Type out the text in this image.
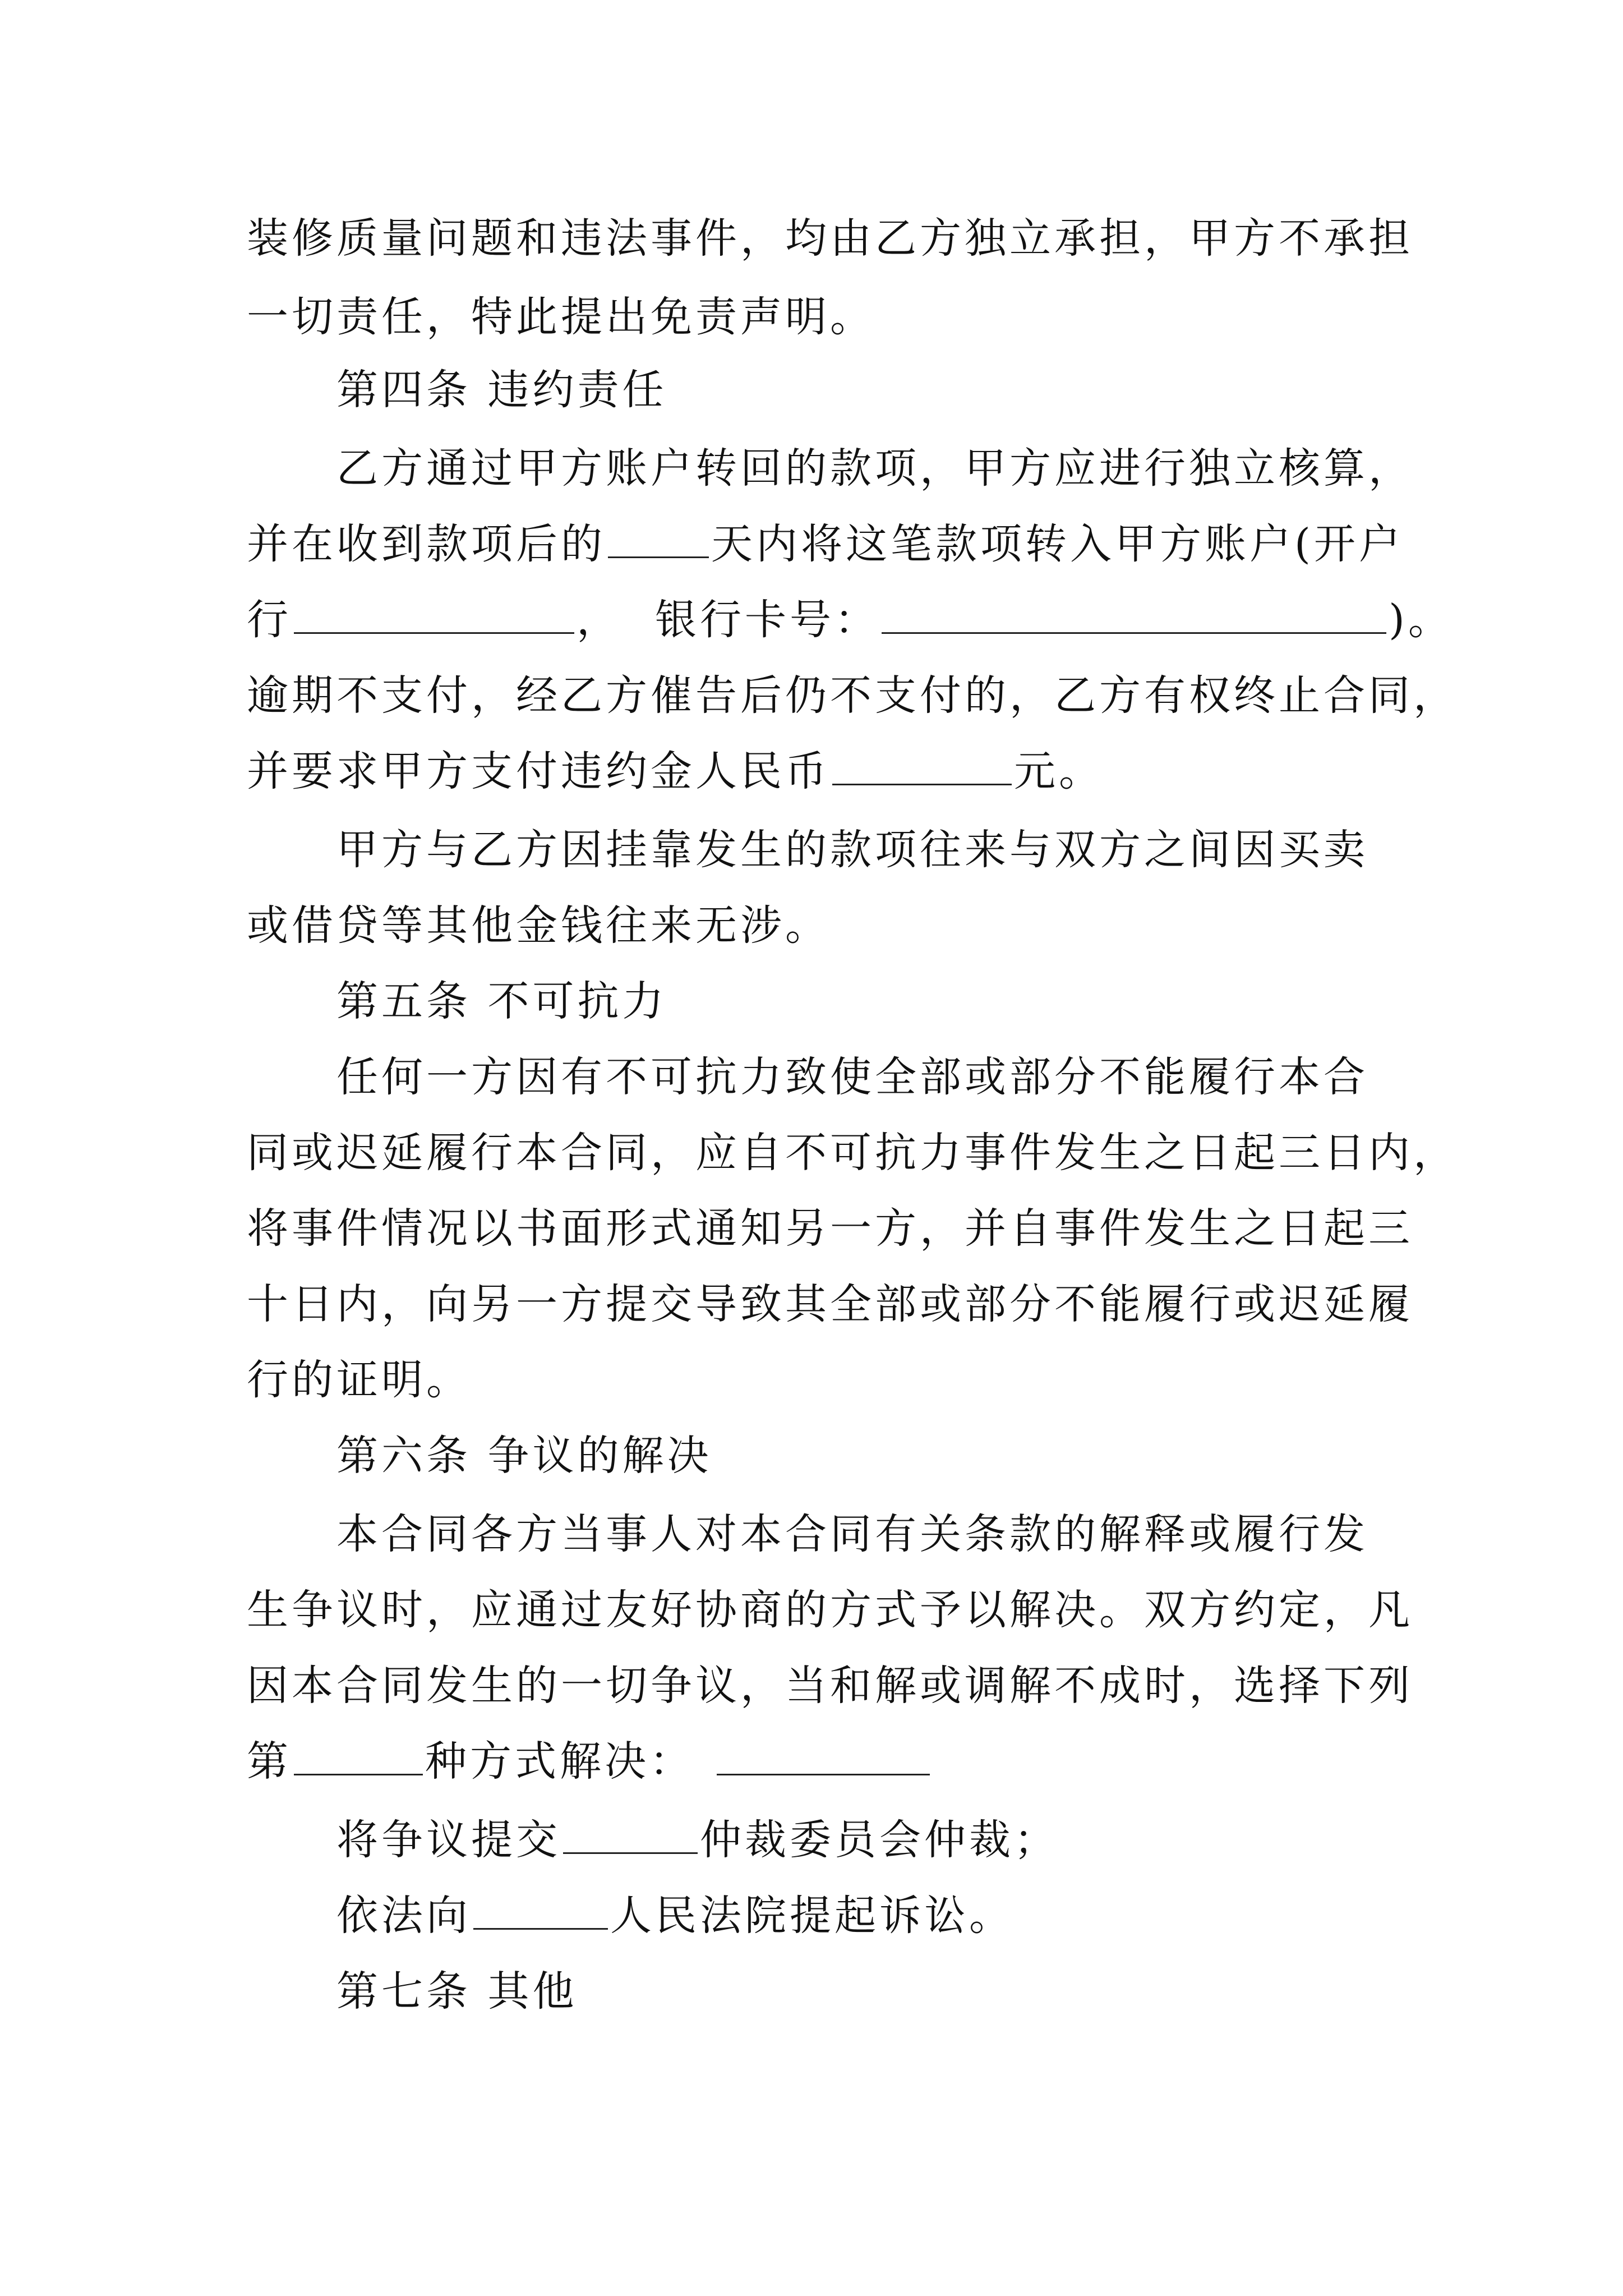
装修质量问题和违法事件，均由乙方独立承担，甲方不承担
一切责任，特此提出免责声明。
第四条 违约责任
乙方通过甲方账户转回的款项，甲方应进行独立核算，
并在收到款项后的	天内将这笔款项转入甲方账户(开户
行	， 银行卡号：	)。
逾期不支付，经乙方催告后仍不支付的，乙方有权终止合同，
并要求甲方支付违约金人民币	元。
甲方与乙方因挂靠发生的款项往来与双方之间因买卖
或借贷等其他金钱往来无涉。
第五条 不可抗力
任何一方因有不可抗力致使全部或部分不能履行本合
同或迟延履行本合同，应自不可抗力事件发生之日起三日内，
将事件情况以书面形式通知另一方，并自事件发生之日起三
十日内，向另一方提交导致其全部或部分不能履行或迟延履
行的证明。
第六条 争议的解决
本合同各方当事人对本合同有关条款的解释或履行发
生争议时，应通过友好协商的方式予以解决。双方约定，凡
因本合同发生的一切争议，当和解或调解不成时，选择下列
第	种方式解决：
将争议提交	仲裁委员会仲裁；
依法向	人民法院提起诉讼。
第七条 其他
